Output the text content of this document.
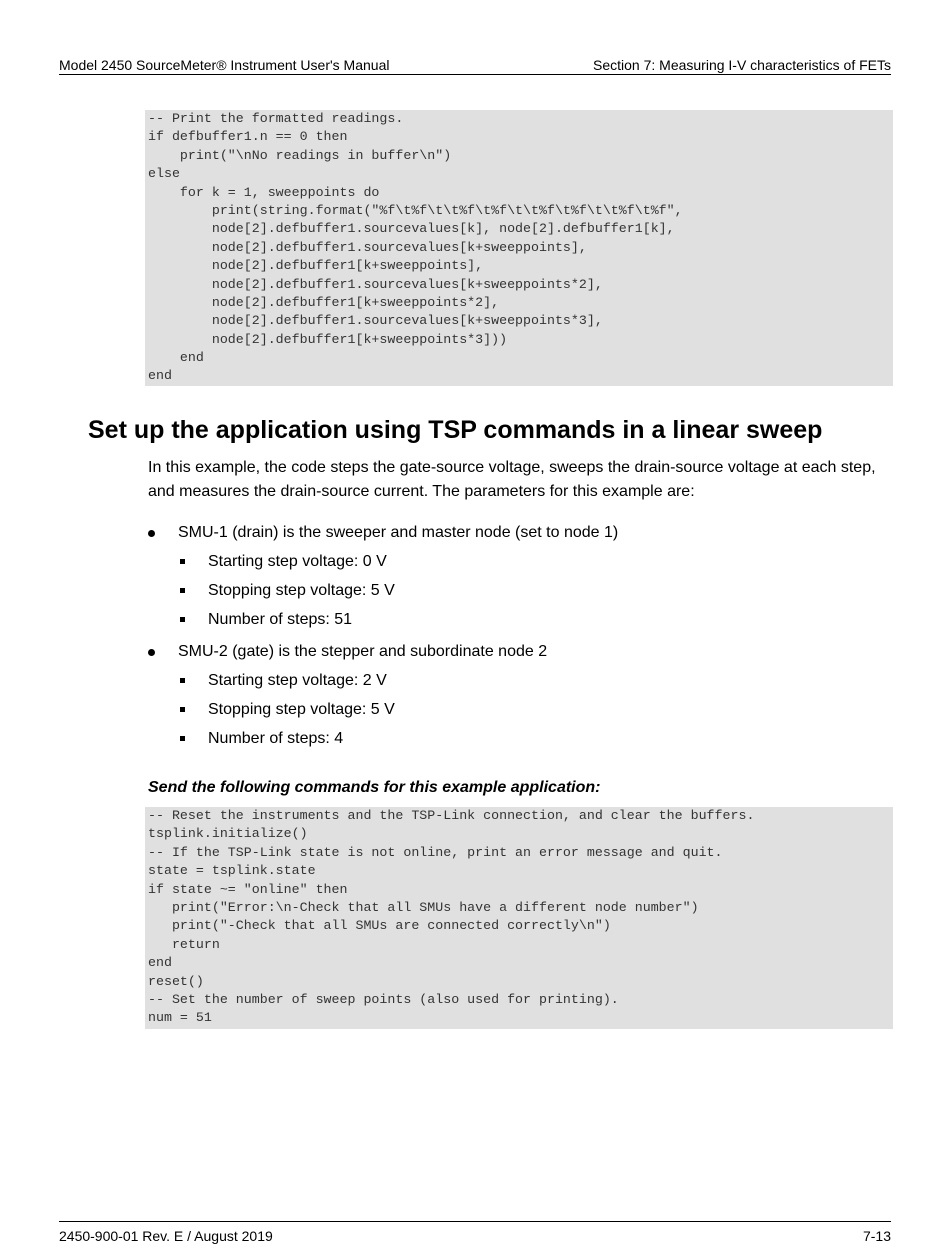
Model 2450 SourceMeter® Instrument User's Manual	Section 7: Measuring I-V characteristics of FETs
-- Print the formatted readings.
if defbuffer1.n == 0 then
print("\nNo readings in buffer\n")
else
for k = 1, sweeppoints do
print(string.format("%f\t%f\t\t%f\t%f\t\t%f\t%f\t\t%f\t%f",
node[2].defbuffer1.sourcevalues[k], node[2].defbuffer1[k],
node[2].defbuffer1.sourcevalues[k+sweeppoints],
node[2].defbuffer1[k+sweeppoints],
node[2].defbuffer1.sourcevalues[k+sweeppoints*2],
node[2].defbuffer1[k+sweeppoints*2],
node[2].defbuffer1.sourcevalues[k+sweeppoints*3],
node[2].defbuffer1[k+sweeppoints*3]))
end
end
Set up the application using TSP commands in a linear sweep

In this example, the code steps the gate-source voltage, sweeps the drain-source voltage at each step, and measures the drain-source current. The parameters for this example are:

SMU-1 (drain) is the sweeper and master node (set to node 1)
Starting step voltage: 0 V
Stopping step voltage: 5 V
Number of steps: 51
SMU-2 (gate) is the stepper and subordinate node 2
Starting step voltage: 2 V
Stopping step voltage: 5 V
Number of steps: 4

Send the following commands for this example application:

-- Reset the instruments and the TSP-Link connection, and clear the buffers.
tsplink.initialize()
-- If the TSP-Link state is not online, print an error message and quit.
state = tsplink.state
if state ~= "online" then
print("Error:\n-Check that all SMUs have a different node number")
print("-Check that all SMUs are connected correctly\n")
return
end
reset()
-- Set the number of sweep points (also used for printing).
num = 51
2450-900-01 Rev. E / August 2019	7-13
